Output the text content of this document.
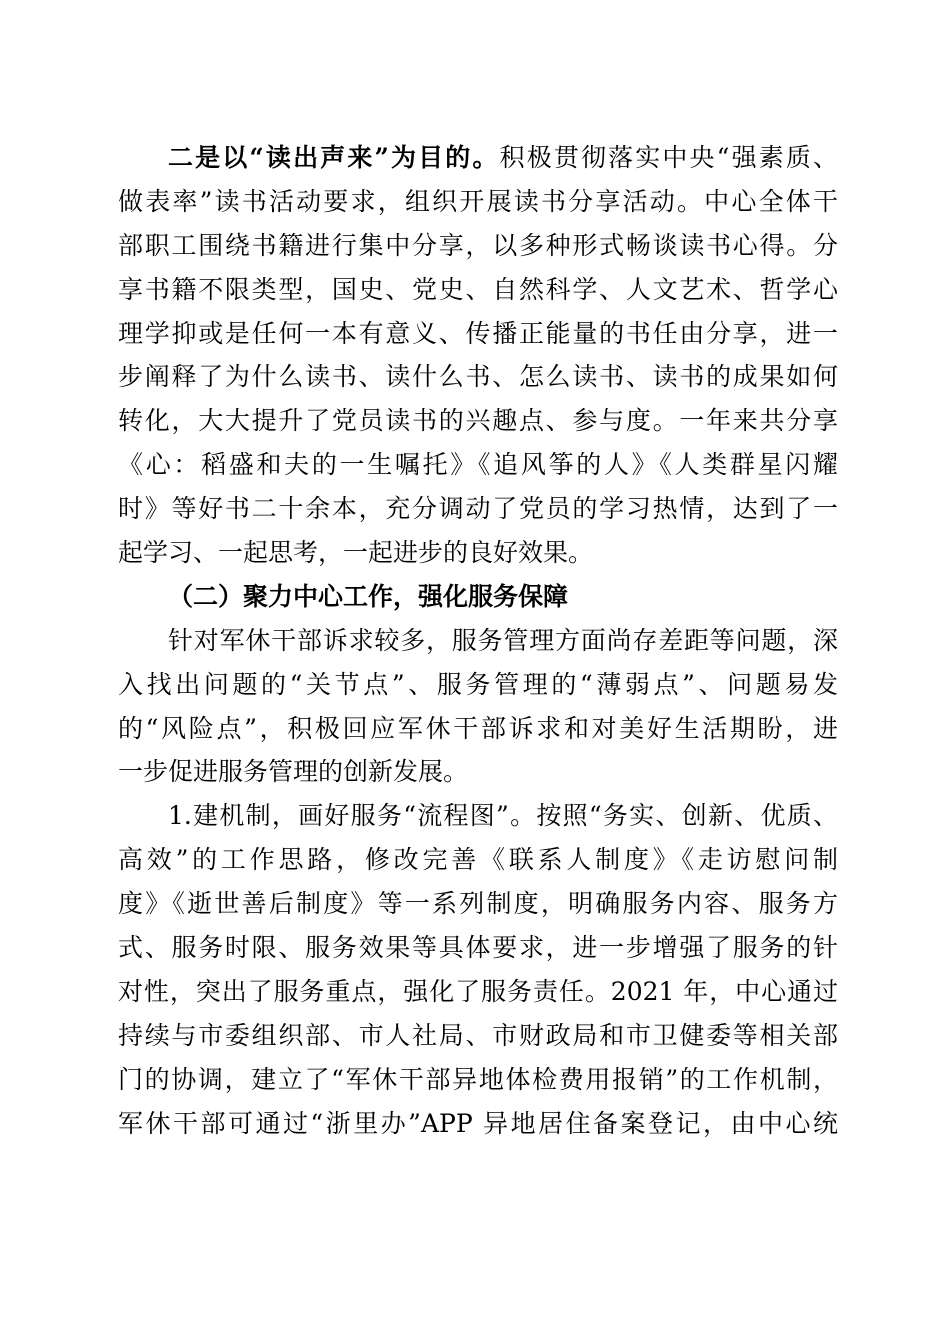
二是以“读出声来”为目的。积极贯彻落实中央“强素质、
做表率”读书活动要求，组织开展读书分享活动。中心全体干
部职工围绕书籍进行集中分享，以多种形式畅谈读书心得。分
享书籍不限类型，国史、党史、自然科学、人文艺术、哲学心
理学抑或是任何一本有意义、传播正能量的书任由分享，进一
步阐释了为什么读书、读什么书、怎么读书、读书的成果如何
转化，大大提升了党员读书的兴趣点、参与度。一年来共分享
《心：稻盛和夫的一生嘱托》《追风筝的人》《人类群星闪耀
时》等好书二十余本，充分调动了党员的学习热情，达到了一
起学习、一起思考，一起进步的良好效果。
（二）聚力中心工作，强化服务保障
针对军休干部诉求较多，服务管理方面尚存差距等问题，深
入找出问题的“关节点”、服务管理的“薄弱点”、问题易发
的“风险点”，积极回应军休干部诉求和对美好生活期盼，进
一步促进服务管理的创新发展。
1.建机制，画好服务“流程图”。按照“务实、创新、优质、
高效”的工作思路，修改完善《联系人制度》《走访慰问制
度》《逝世善后制度》等一系列制度，明确服务内容、服务方
式、服务时限、服务效果等具体要求，进一步增强了服务的针
对性，突出了服务重点，强化了服务责任。2021 年，中心通过
持续与市委组织部、市人社局、市财政局和市卫健委等相关部
门的协调，建立了“军休干部异地体检费用报销”的工作机制，
军休干部可通过“浙里办”APP 异地居住备案登记，由中心统
